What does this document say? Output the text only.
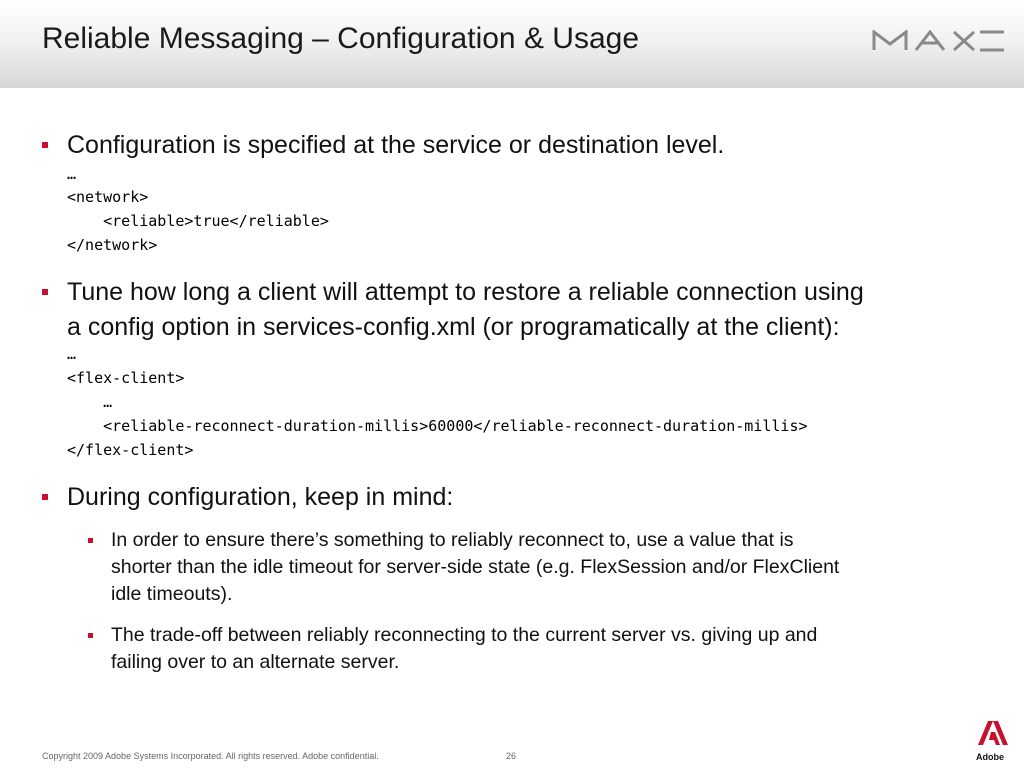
Reliable Messaging – Configuration & Usage
Configuration is specified at the service or destination level.
…
<network>
<reliable>true</reliable>
</network>
Tune how long a client will attempt to restore a reliable connection using
a config option in services-config.xml (or programatically at the client):
…
<flex-client>
…
<reliable-reconnect-duration-millis>60000</reliable-reconnect-duration-millis>
</flex-client>
During configuration, keep in mind:
In order to ensure there’s something to reliably reconnect to, use a value that is
shorter than the idle timeout for server-side state (e.g. FlexSession and/or FlexClient
idle timeouts).
The trade-off between reliably reconnecting to the current server vs. giving up and
failing over to an alternate server.
Copyright 2009 Adobe Systems Incorporated. All rights reserved. Adobe confidential.	26	Adobe
